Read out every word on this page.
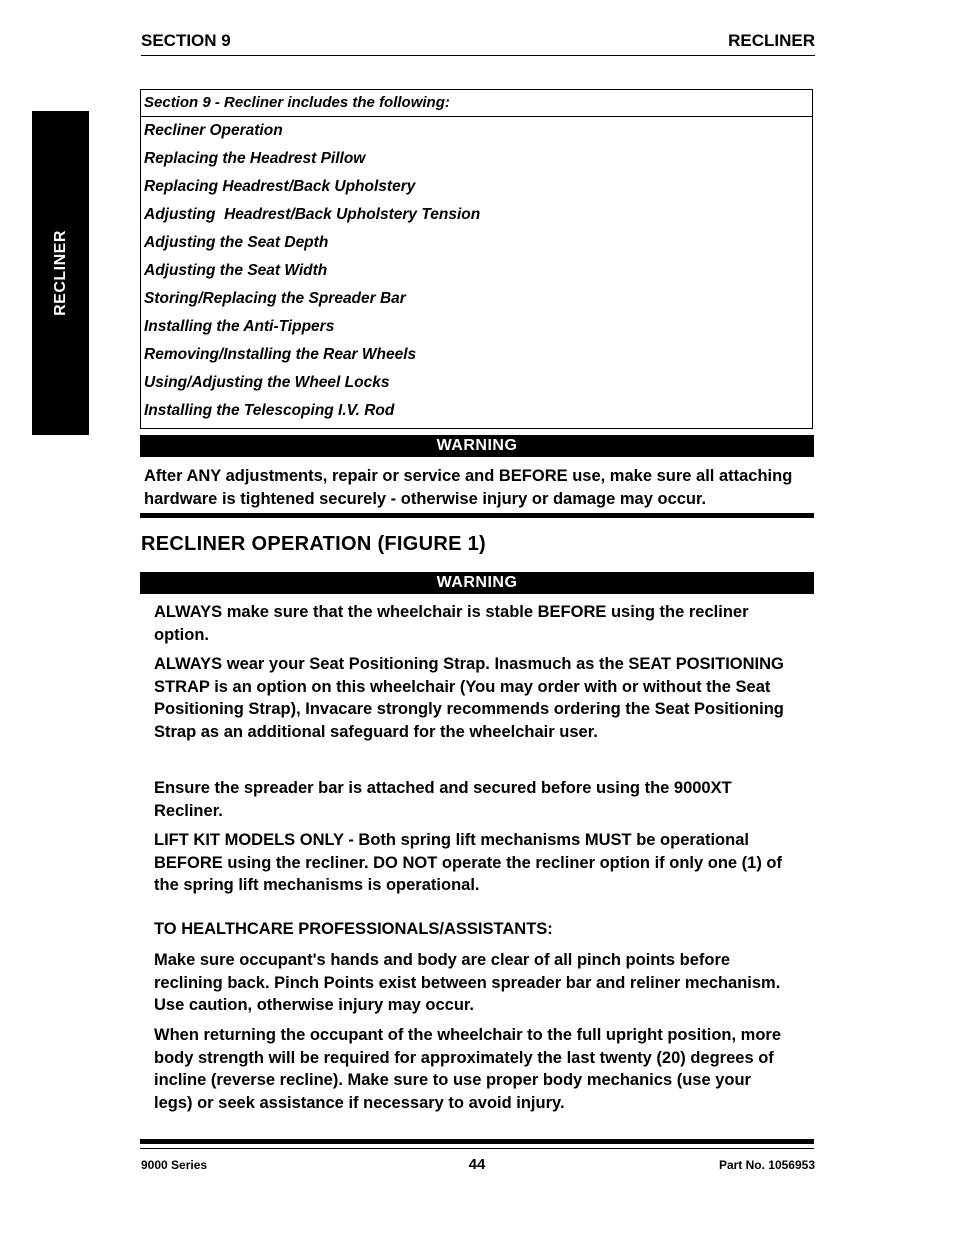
SECTION 9	RECLINER
RECLINER
Section 9 - Recliner includes the following:
Recliner Operation
Replacing the Headrest Pillow
Replacing Headrest/Back Upholstery
Adjusting  Headrest/Back Upholstery Tension
Adjusting the Seat Depth
Adjusting the Seat Width
Storing/Replacing the Spreader Bar
Installing the Anti-Tippers
Removing/Installing the Rear Wheels
Using/Adjusting the Wheel Locks
Installing the Telescoping I.V. Rod
WARNING
After ANY adjustments, repair or service and BEFORE use, make sure all attaching hardware is tightened securely - otherwise injury or damage may occur.
RECLINER OPERATION (FIGURE 1)
WARNING
ALWAYS make sure that the wheelchair is stable BEFORE using the recliner option.
ALWAYS wear your Seat Positioning Strap. Inasmuch as the SEAT POSITIONING STRAP is an option on this wheelchair (You may order with or without the Seat Positioning Strap), Invacare strongly recommends ordering the Seat Positioning Strap as an additional safeguard for the wheelchair user.
Ensure the spreader bar is attached and secured before using the 9000XT Recliner.
LIFT KIT MODELS ONLY - Both spring lift mechanisms MUST be operational BEFORE using the recliner. DO NOT operate the recliner option if only one (1) of the spring lift mechanisms is operational.
TO HEALTHCARE PROFESSIONALS/ASSISTANTS:
Make sure occupant's hands and body are clear of all pinch points before reclining back. Pinch Points exist between spreader bar and reliner mechanism. Use caution, otherwise injury may occur.
When returning the occupant of the wheelchair to the full upright position, more body strength will be required for approximately the last twenty (20) degrees of incline (reverse recline). Make sure to use proper body mechanics (use your legs) or seek assistance if necessary to avoid injury.
9000 Series	44	Part No. 1056953
